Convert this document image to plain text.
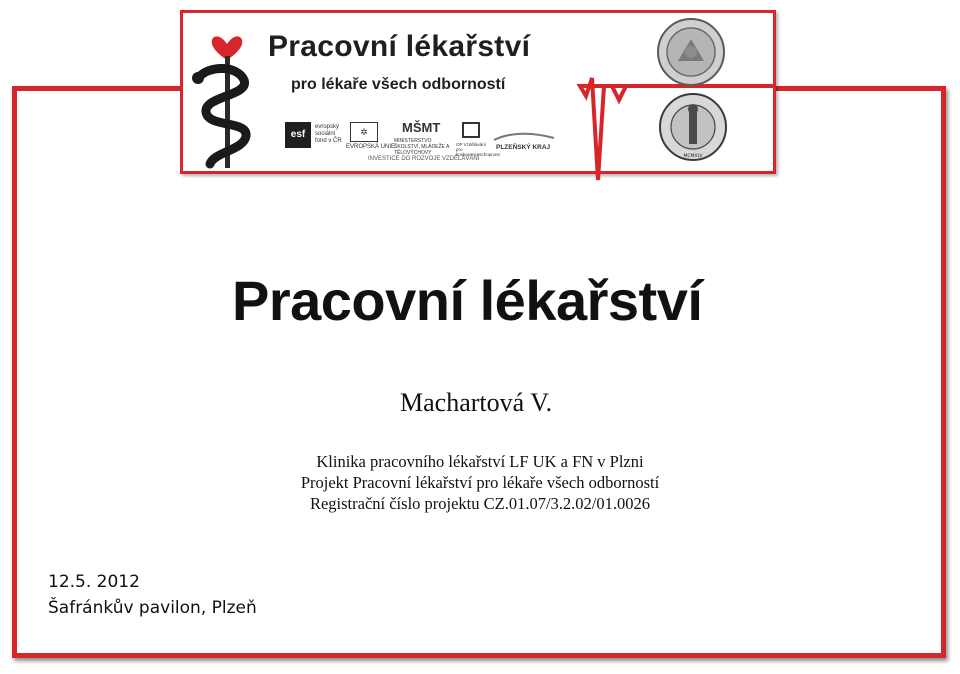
Pracovní lékařství
pro lékaře všech odborností
esf
evropský sociální fond v ČR
✲
EVROPSKÁ UNIE
MŠMT
MINISTERSTVO ŠKOLSTVÍ, MLÁDEŽE A TĚLOVÝCHOVY
OP Vzdělávání pro konkurenceschopnost
PLZEŇSKÝ KRAJ
INVESTICE DO ROZVOJE VZDĚLÁVÁNÍ	MCMXLV
Pracovní lékařství
Machartová V.
Klinika pracovního lékařství LF UK a FN v Plzni
Projekt Pracovní lékařství pro lékaře všech odborností
Registrační číslo projektu CZ.01.07/3.2.02/01.0026
12.5. 2012
Šafránkův pavilon, Plzeň
